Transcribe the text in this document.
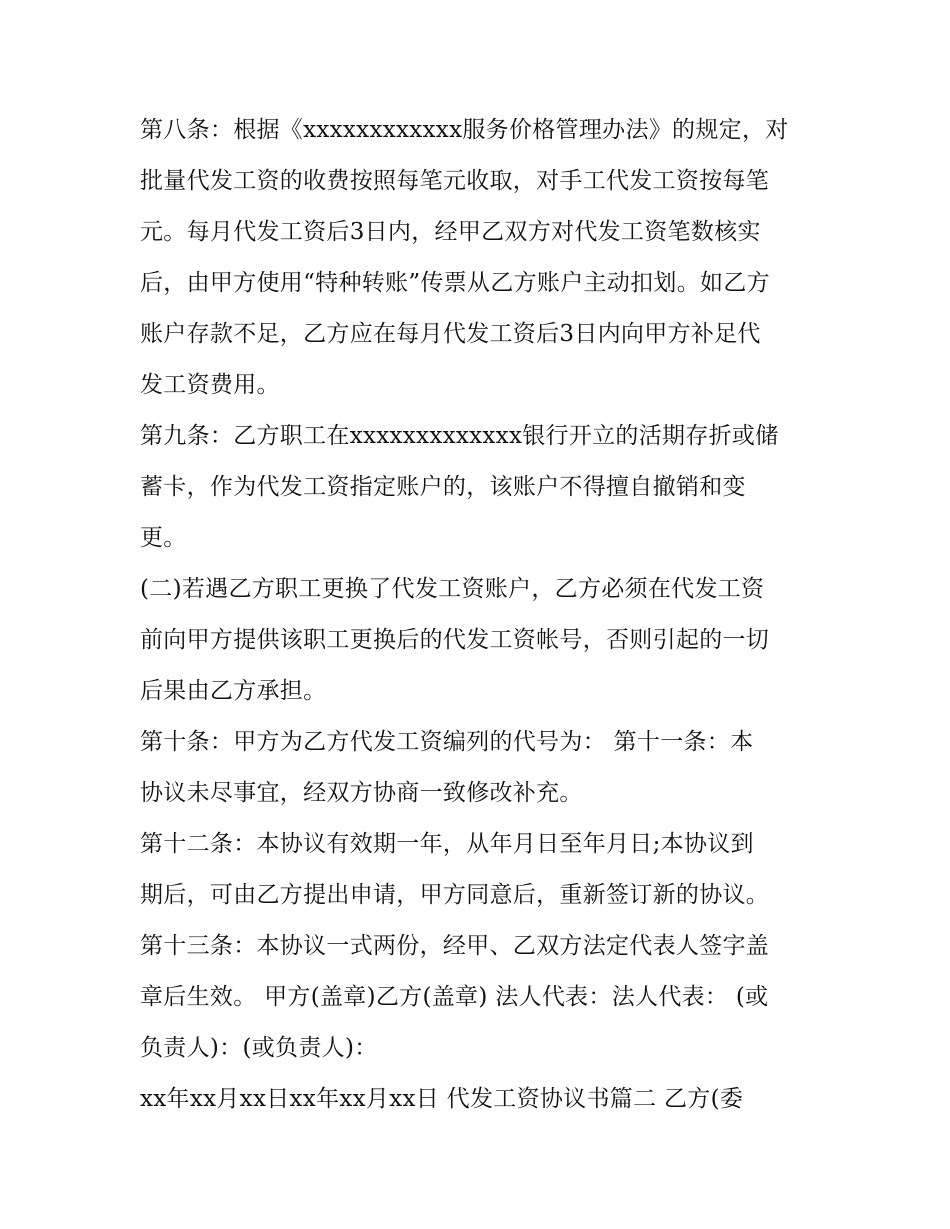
第八条：根据《xxxxxxxxxxxx服务价格管理办法》的规定，对
批量代发工资的收费按照每笔元收取，对手工代发工资按每笔
元。每月代发工资后3日内，经甲乙双方对代发工资笔数核实
后，由甲方使用“特种转账”传票从乙方账户主动扣划。如乙方
账户存款不足，乙方应在每月代发工资后3日内向甲方补足代
发工资费用。
第九条：乙方职工在xxxxxxxxxxxxx银行开立的活期存折或储
蓄卡，作为代发工资指定账户的，该账户不得擅自撤销和变
更。
(二)若遇乙方职工更换了代发工资账户，乙方必须在代发工资
前向甲方提供该职工更换后的代发工资帐号，否则引起的一切
后果由乙方承担。
第十条：甲方为乙方代发工资编列的代号为： 第十一条：本
协议未尽事宜，经双方协商一致修改补充。
第十二条：本协议有效期一年，从年月日至年月日;本协议到
期后，可由乙方提出申请，甲方同意后，重新签订新的协议。
第十三条：本协议一式两份，经甲、乙双方法定代表人签字盖
章后生效。 甲方(盖章)乙方(盖章) 法人代表：法人代表： (或
负责人)：(或负责人)：
xx年xx月xx日xx年xx月xx日 代发工资协议书篇二 乙方(委
